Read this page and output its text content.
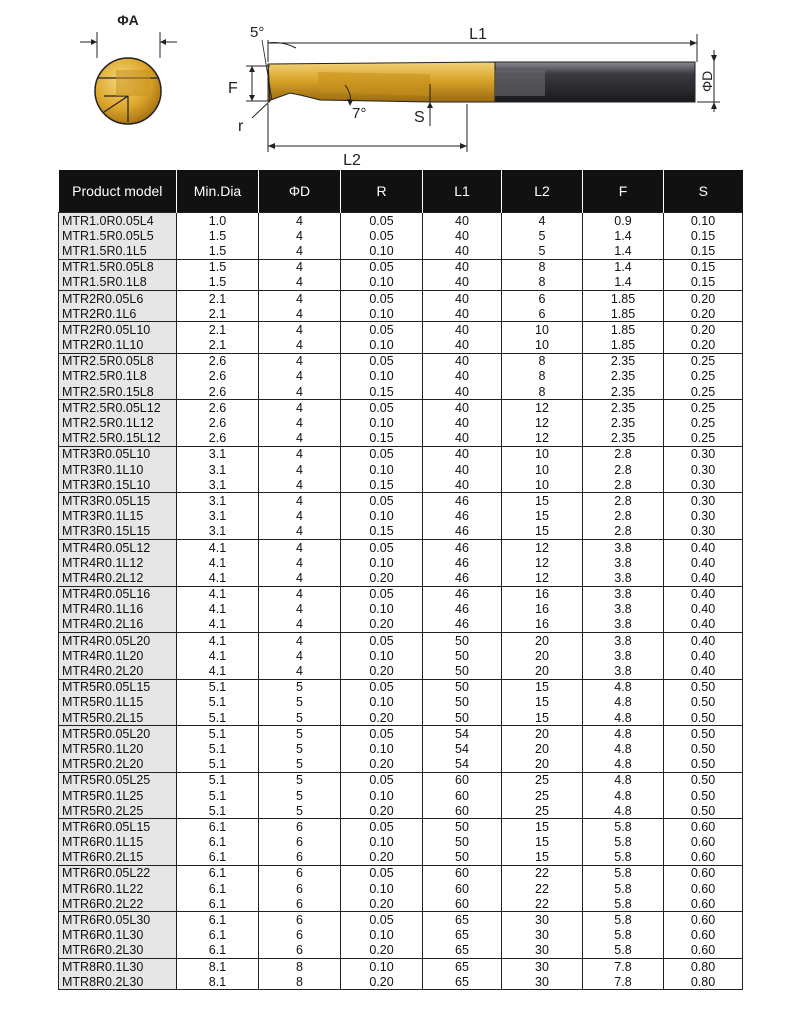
ΦA
L1
5°
ΦD
F
7°	S
r
L2
Product model	Min.Dia	ΦD	R	L1	L2	F	S
MTR1.0R0.05L4	1.0	4	0.05	40	4	0.9	0.10
MTR1.5R0.05L5	1.5	4	0.05	40	5	1.4	0.15
MTR1.5R0.1L5	1.5	4	0.10	40	5	1.4	0.15
MTR1.5R0.05L8	1.5	4	0.05	40	8	1.4	0.15
MTR1.5R0.1L8	1.5	4	0.10	40	8	1.4	0.15
MTR2R0.05L6	2.1	4	0.05	40	6	1.85	0.20
MTR2R0.1L6	2.1	4	0.10	40	6	1.85	0.20
MTR2R0.05L10	2.1	4	0.05	40	10	1.85	0.20
MTR2R0.1L10	2.1	4	0.10	40	10	1.85	0.20
MTR2.5R0.05L8	2.6	4	0.05	40	8	2.35	0.25
MTR2.5R0.1L8	2.6	4	0.10	40	8	2.35	0.25
MTR2.5R0.15L8	2.6	4	0.15	40	8	2.35	0.25
MTR2.5R0.05L12	2.6	4	0.05	40	12	2.35	0.25
MTR2.5R0.1L12	2.6	4	0.10	40	12	2.35	0.25
MTR2.5R0.15L12	2.6	4	0.15	40	12	2.35	0.25
MTR3R0.05L10	3.1	4	0.05	40	10	2.8	0.30
MTR3R0.1L10	3.1	4	0.10	40	10	2.8	0.30
MTR3R0.15L10	3.1	4	0.15	40	10	2.8	0.30
MTR3R0.05L15	3.1	4	0.05	46	15	2.8	0.30
MTR3R0.1L15	3.1	4	0.10	46	15	2.8	0.30
MTR3R0.15L15	3.1	4	0.15	46	15	2.8	0.30
MTR4R0.05L12	4.1	4	0.05	46	12	3.8	0.40
MTR4R0.1L12	4.1	4	0.10	46	12	3.8	0.40
MTR4R0.2L12	4.1	4	0.20	46	12	3.8	0.40
MTR4R0.05L16	4.1	4	0.05	46	16	3.8	0.40
MTR4R0.1L16	4.1	4	0.10	46	16	3.8	0.40
MTR4R0.2L16	4.1	4	0.20	46	16	3.8	0.40
MTR4R0.05L20	4.1	4	0.05	50	20	3.8	0.40
MTR4R0.1L20	4.1	4	0.10	50	20	3.8	0.40
MTR4R0.2L20	4.1	4	0.20	50	20	3.8	0.40
MTR5R0.05L15	5.1	5	0.05	50	15	4.8	0.50
MTR5R0.1L15	5.1	5	0.10	50	15	4.8	0.50
MTR5R0.2L15	5.1	5	0.20	50	15	4.8	0.50
MTR5R0.05L20	5.1	5	0.05	54	20	4.8	0.50
MTR5R0.1L20	5.1	5	0.10	54	20	4.8	0.50
MTR5R0.2L20	5.1	5	0.20	54	20	4.8	0.50
MTR5R0.05L25	5.1	5	0.05	60	25	4.8	0.50
MTR5R0.1L25	5.1	5	0.10	60	25	4.8	0.50
MTR5R0.2L25	5.1	5	0.20	60	25	4.8	0.50
MTR6R0.05L15	6.1	6	0.05	50	15	5.8	0.60
MTR6R0.1L15	6.1	6	0.10	50	15	5.8	0.60
MTR6R0.2L15	6.1	6	0.20	50	15	5.8	0.60
MTR6R0.05L22	6.1	6	0.05	60	22	5.8	0.60
MTR6R0.1L22	6.1	6	0.10	60	22	5.8	0.60
MTR6R0.2L22	6.1	6	0.20	60	22	5.8	0.60
MTR6R0.05L30	6.1	6	0.05	65	30	5.8	0.60
MTR6R0.1L30	6.1	6	0.10	65	30	5.8	0.60
MTR6R0.2L30	6.1	6	0.20	65	30	5.8	0.60
MTR8R0.1L30	8.1	8	0.10	65	30	7.8	0.80
MTR8R0.2L30	8.1	8	0.20	65	30	7.8	0.80
